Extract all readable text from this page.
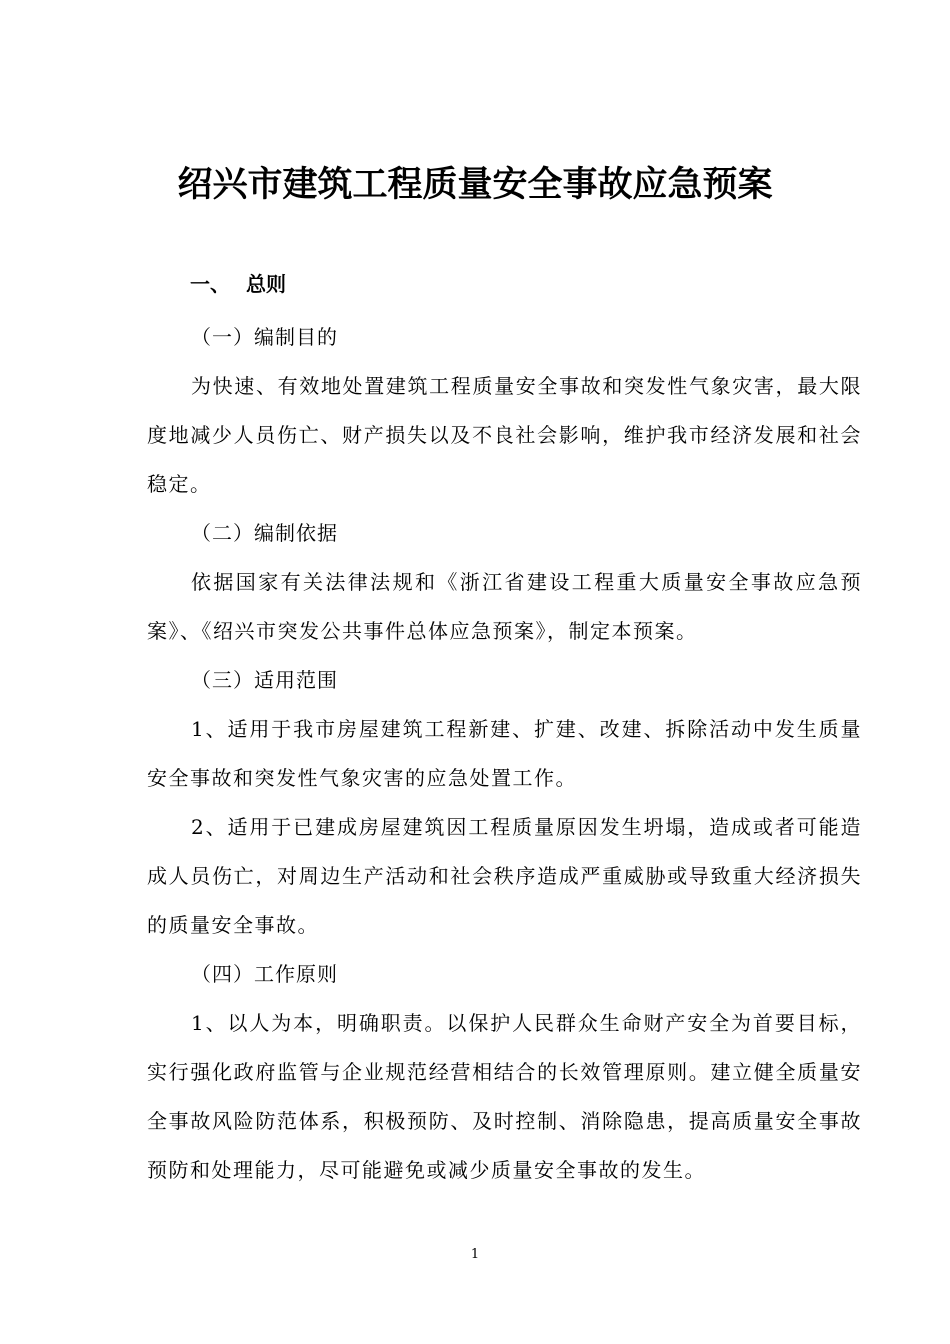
绍兴市建筑工程质量安全事故应急预案
一、 总则

（一）编制目的

为快速、有效地处置建筑工程质量安全事故和突发性气象灾害，最大限度地减少人员伤亡、财产损失以及不良社会影响，维护我市经济发展和社会稳定。

（二）编制依据

依据国家有关法律法规和《浙江省建设工程重大质量安全事故应急预案》、《绍兴市突发公共事件总体应急预案》，制定本预案。

（三）适用范围

1、适用于我市房屋建筑工程新建、扩建、改建、拆除活动中发生质量安全事故和突发性气象灾害的应急处置工作。

2、适用于已建成房屋建筑因工程质量原因发生坍塌，造成或者可能造成人员伤亡，对周边生产活动和社会秩序造成严重威胁或导致重大经济损失的质量安全事故。

（四）工作原则

1、以人为本，明确职责。以保护人民群众生命财产安全为首要目标，实行强化政府监管与企业规范经营相结合的长效管理原则。建立健全质量安全事故风险防范体系，积极预防、及时控制、消除隐患，提高质量安全事故预防和处理能力，尽可能避免或减少质量安全事故的发生。

1
